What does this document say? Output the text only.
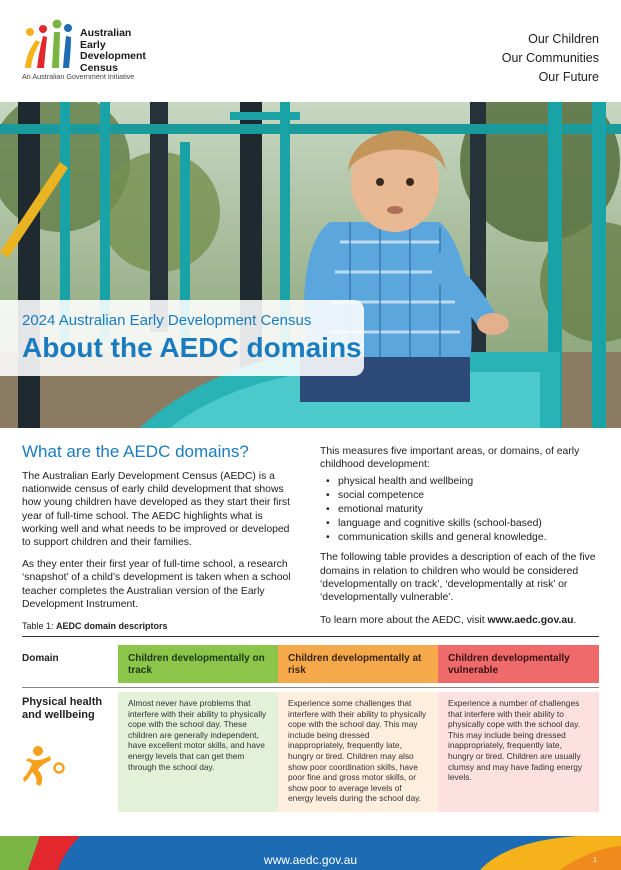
Australian
Early
Development
Census
An Australian Government Initiative
Our Children
Our Communities
Our Future
2024 Australian Early Development Census
About the AEDC domains
What are the AEDC domains?

The Australian Early Development Census (AEDC) is a nationwide census of early child development that shows how young children have developed as they start their first year of full-time school. The AEDC highlights what is working well and what needs to be improved or developed to support children and their families.

As they enter their first year of full-time school, a research ‘snapshot’ of a child’s development is taken when a school teacher completes the Australian version of the Early Development Instrument.

This measures five important areas, or domains, of early childhood development:

• physical health and wellbeing
• social competence
• emotional maturity
• language and cognitive skills (school-based)
• communication skills and general knowledge.

The following table provides a description of each of the five domains in relation to children who would be considered ‘developmentally on track’, ‘developmentally at risk’ or ‘developmentally vulnerable’.

To learn more about the AEDC, visit www.aedc.gov.au.

Table 1: AEDC domain descriptors
Domain	Children developmentally on track
Children developmentally at risk
Children developmentally vulnerable
Physical health and wellbeing
Almost never have problems that interfere with their ability to physically cope with the school day. These children are generally independent, have excellent motor skills, and have energy levels that can get them through the school day.
Experience some challenges that interfere with their ability to physically cope with the school day. This may include being dressed inappropriately, frequently late, hungry or tired. Children may also show poor coordination skills, have poor fine and gross motor skills, or show poor to average levels of energy levels during the school day.
Experience a number of challenges that interfere with their ability to physically cope with the school day. This may include being dressed inappropriately, frequently late, hungry or tired. Children are usually clumsy and may have fading energy levels.
www.aedc.gov.au	1
